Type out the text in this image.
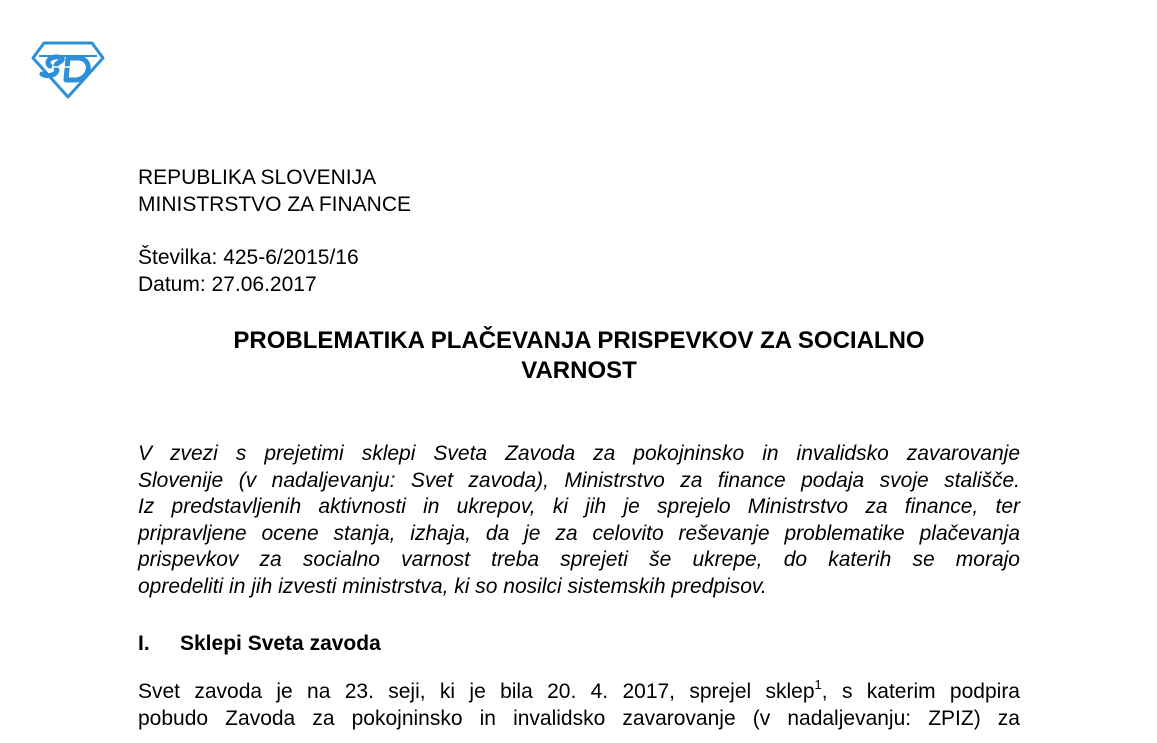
REPUBLIKA SLOVENIJA
MINISTRSTVO ZA FINANCE
Številka: 425-6/2015/16
Datum: 27.06.2017
PROBLEMATIKA PLAČEVANJA PRISPEVKOV ZA SOCIALNO
VARNOST

V zvezi s prejetimi sklepi Sveta Zavoda za pokojninsko in invalidsko zavarovanje
Slovenije (v nadaljevanju: Svet zavoda), Ministrstvo za finance podaja svoje stališče.
Iz predstavljenih aktivnosti in ukrepov, ki jih je sprejelo Ministrstvo za finance, ter
pripravljene ocene stanja, izhaja, da je za celovito reševanje problematike plačevanja
prispevkov za socialno varnost treba sprejeti še ukrepe, do katerih se morajo
opredeliti in jih izvesti ministrstva, ki so nosilci sistemskih predpisov.

I. Sklepi Sveta zavoda

Svet zavoda je na 23. seji, ki je bila 20. 4. 2017, sprejel sklep$^1$, s katerim podpira
pobudo Zavoda za pokojninsko in invalidsko zavarovanje (v nadaljevanju: ZPIZ) za
